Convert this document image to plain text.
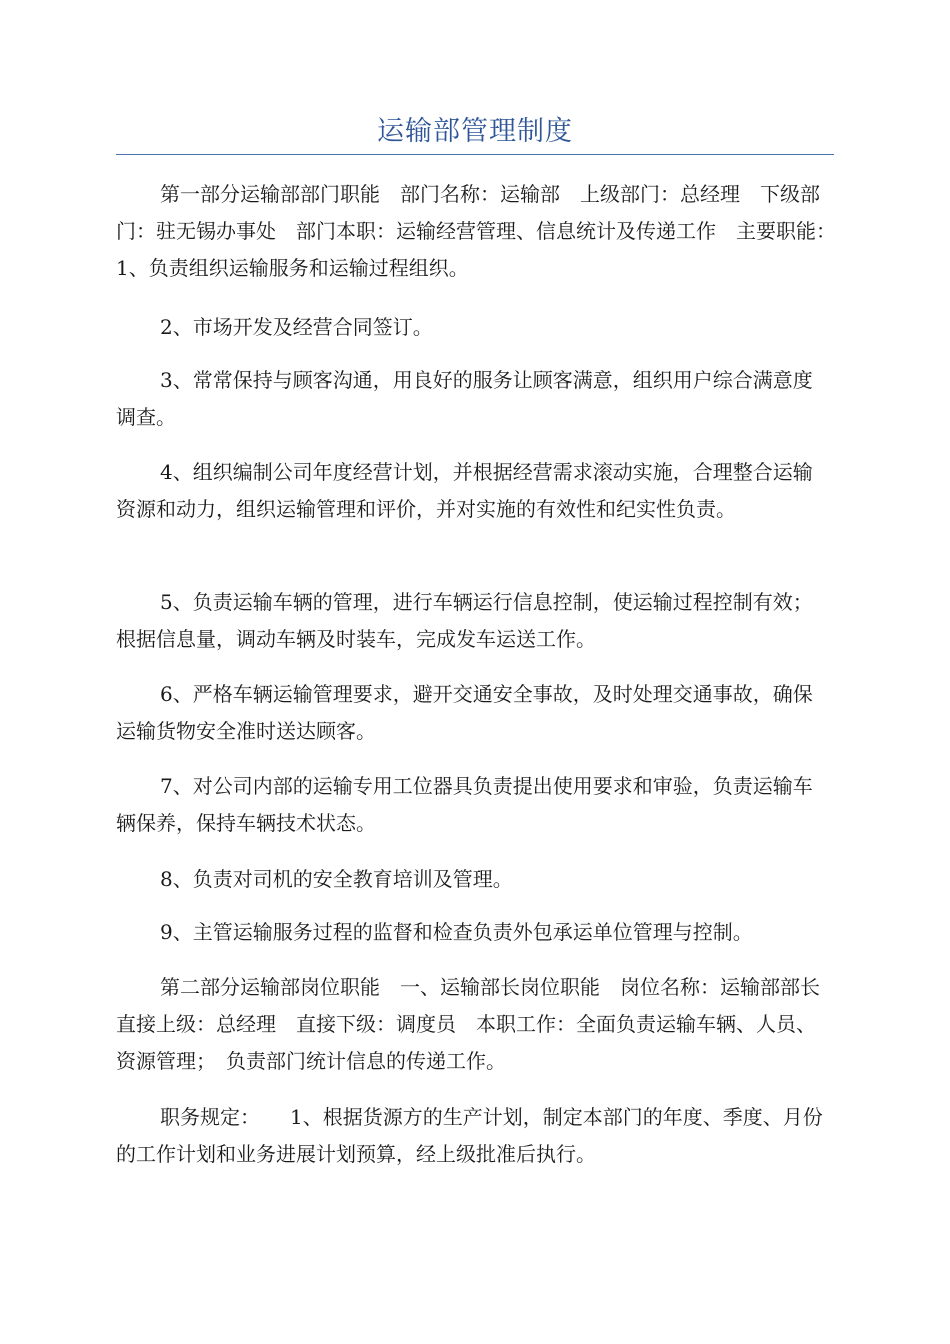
运输部管理制度

第一部分运输部部门职能　部门名称：运输部　上级部门：总经理　下级部门：驻无锡办事处　部门本职：运输经营管理、信息统计及传递工作　主要职能：　　1、负责组织运输服务和运输过程组织。

2、市场开发及经营合同签订。

3、常常保持与顾客沟通，用良好的服务让顾客满意，组织用户综合满意度调查。

4、组织编制公司年度经营计划，并根据经营需求滚动实施，合理整合运输资源和动力，组织运输管理和评价，并对实施的有效性和纪实性负责。

5、负责运输车辆的管理，进行车辆运行信息控制，使运输过程控制有效；　根据信息量，调动车辆及时装车，完成发车运送工作。

6、严格车辆运输管理要求，避开交通安全事故，及时处理交通事故，确保运输货物安全准时送达顾客。

7、对公司内部的运输专用工位器具负责提出使用要求和审验，负责运输车辆保养，保持车辆技术状态。

8、负责对司机的安全教育培训及管理。

9、主管运输服务过程的监督和检查负责外包承运单位管理与控制。

第二部分运输部岗位职能　一、运输部长岗位职能　岗位名称：运输部部长　直接上级：总经理　直接下级：调度员　本职工作：全面负责运输车辆、人员、资源管理；　负责部门统计信息的传递工作。

职务规定：　　1、根据货源方的生产计划，制定本部门的年度、季度、月份的工作计划和业务进展计划预算，经上级批准后执行。
